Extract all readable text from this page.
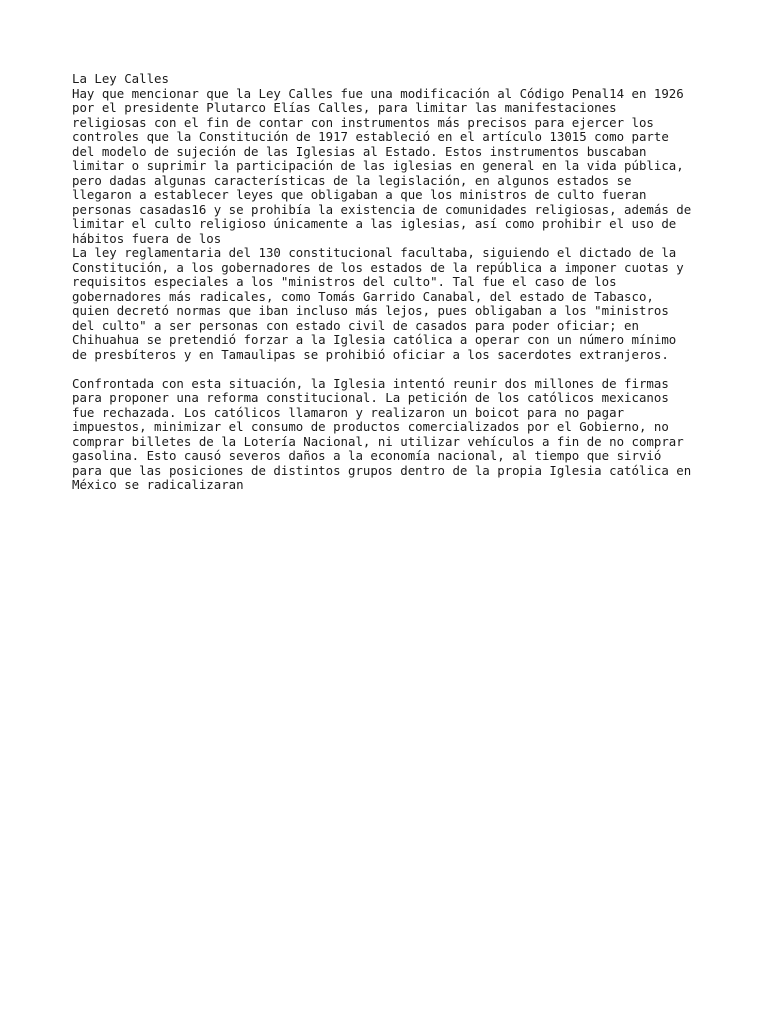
La Ley Calles
Hay que mencionar que la Ley Calles fue una modificación al Código Penal14 en 1926
por el presidente Plutarco Elías Calles, para limitar las manifestaciones
religiosas con el fin de contar con instrumentos más precisos para ejercer los
controles que la Constitución de 1917 estableció en el artículo 13015 como parte
del modelo de sujeción de las Iglesias al Estado. Estos instrumentos buscaban
limitar o suprimir la participación de las iglesias en general en la vida pública,
pero dadas algunas características de la legislación, en algunos estados se
llegaron a establecer leyes que obligaban a que los ministros de culto fueran
personas casadas16 y se prohibía la existencia de comunidades religiosas, además de
limitar el culto religioso únicamente a las iglesias, así como prohibir el uso de
hábitos fuera de los
La ley reglamentaria del 130 constitucional facultaba, siguiendo el dictado de la
Constitución, a los gobernadores de los estados de la república a imponer cuotas y
requisitos especiales a los "ministros del culto". Tal fue el caso de los
gobernadores más radicales, como Tomás Garrido Canabal, del estado de Tabasco,
quien decretó normas que iban incluso más lejos, pues obligaban a los "ministros
del culto" a ser personas con estado civil de casados para poder oficiar; en
Chihuahua se pretendió forzar a la Iglesia católica a operar con un número mínimo
de presbíteros y en Tamaulipas se prohibió oficiar a los sacerdotes extranjeros.
Confrontada con esta situación, la Iglesia intentó reunir dos millones de firmas
para proponer una reforma constitucional. La petición de los católicos mexicanos
fue rechazada. Los católicos llamaron y realizaron un boicot para no pagar
impuestos, minimizar el consumo de productos comercializados por el Gobierno, no
comprar billetes de la Lotería Nacional, ni utilizar vehículos a fin de no comprar
gasolina. Esto causó severos daños a la economía nacional, al tiempo que sirvió
para que las posiciones de distintos grupos dentro de la propia Iglesia católica en
México se radicalizaran
